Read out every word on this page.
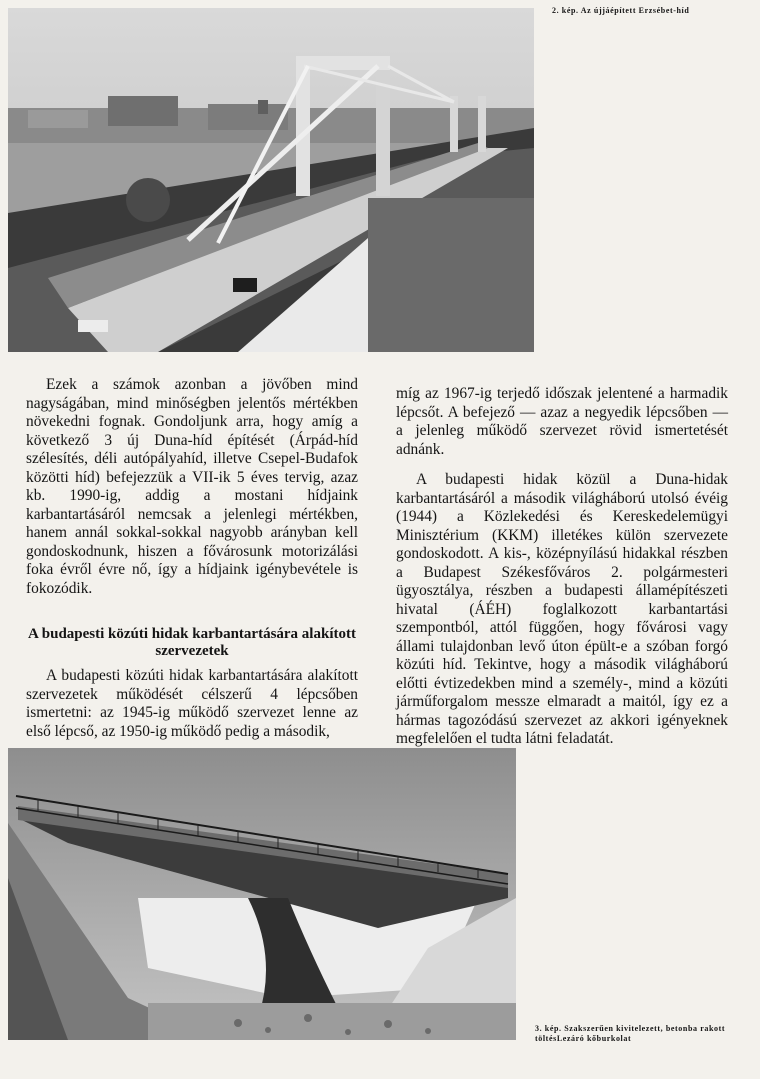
2. kép. Az újjáépített Erzsébet-híd

Ezek a számok azonban a jövőben mind nagyságában, mind minőségben jelentős mértékben növekedni fognak. Gondoljunk arra, hogy amíg a következő 3 új Duna-híd építését (Árpád-híd szélesítés, déli autópályahíd, illetve Csepel-Budafok közötti híd) befejezzük a VII-ik 5 éves tervig, azaz kb. 1990-ig, addig a mostani hídjaink karbantartásáról nemcsak a jelenlegi mértékben, hanem annál sokkal-sokkal nagyobb arányban kell gondoskodnunk, hiszen a fővárosunk motorizálási foka évről évre nő, így a hídjaink igénybevétele is fokozódik.

A budapesti közúti hidak karbantartására alakított szervezetek

A budapesti közúti hidak karbantartására alakított szervezetek működését célszerű 4 lépcsőben ismertetni: az 1945-ig működő szervezet lenne az első lépcső, az 1950-ig működő pedig a második,

míg az 1967-ig terjedő időszak jelentené a harmadik lépcsőt. A befejező — azaz a negyedik lépcsőben — a jelenleg működő szervezet rövid ismertetését adnánk.

A budapesti hidak közül a Duna-hidak karbantartásáról a második világháború utolsó évéig (1944) a Közlekedési és Kereskedelemügyi Minisztérium (KKM) illetékes külön szervezete gondoskodott. A kis-, középnyílású hidakkal részben a Budapest Székesfőváros 2. polgármesteri ügyosztálya, részben a budapesti államépítészeti hivatal (ÁÉH) foglalkozott karbantartási szempontból, attól függően, hogy fővárosi vagy állami tulajdonban levő úton épült-e a szóban forgó közúti híd. Tekintve, hogy a második világháború előtti évtizedekben mind a személy-, mind a közúti járműforgalom messze elmaradt a maitól, így ez a hármas tagozódású szervezet az akkori igényeknek megfelelően el tudta látni feladatát.

3. kép. Szakszerűen kivitelezett, betonba rakott töltésLezáró kőburkolat
